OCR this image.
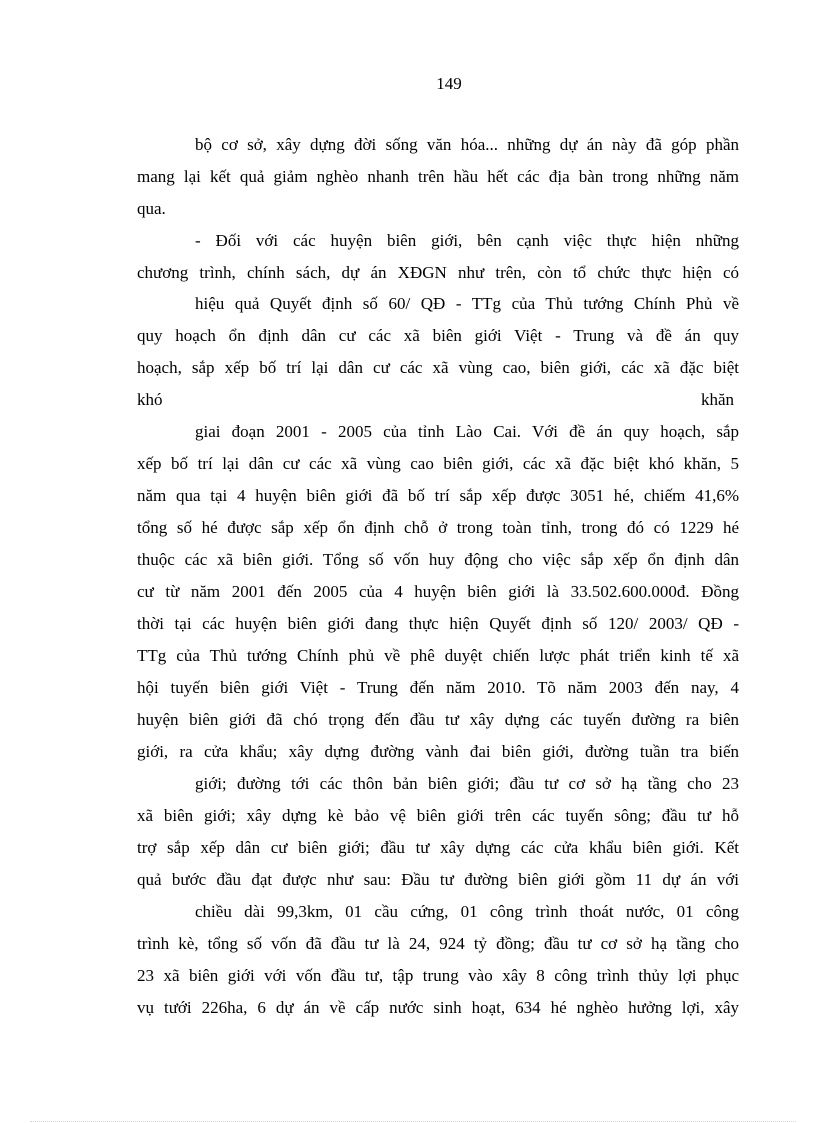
149
bộ cơ sở, xây dựng đời sống văn hóa... những dự án này đã góp phần
mang lại kết quả giảm nghèo nhanh trên hầu hết các địa bàn trong những năm
qua.
- Đối với các huyện biên giới, bên cạnh việc thực hiện những
chương trình, chính sách, dự án XĐGN như trên, còn tổ chức thực hiện có
hiệu quả Quyết định số 60/ QĐ - TTg của Thủ tướng Chính Phủ về
quy hoạch ổn định dân cư các xã biên giới Việt - Trung và đề án quy
hoạch, sắp xếp bố trí lại dân cư các xã vùng cao, biên giới, các xã đặc biệt
khó	khăn
giai đoạn 2001 - 2005 của tỉnh Lào Cai. Với đề án quy hoạch, sắp
xếp bố trí lại dân cư các xã vùng cao biên giới, các xã đặc biệt khó khăn, 5
năm qua tại 4 huyện biên giới đã bố trí sắp xếp được 3051 hé, chiếm 41,6%
tổng số hé được sắp xếp ổn định chỗ ở trong toàn tỉnh, trong đó có 1229 hé
thuộc các xã biên giới. Tổng số vốn huy động cho việc sắp xếp ổn định dân
cư từ năm 2001 đến 2005 của 4 huyện biên giới là 33.502.600.000đ. Đồng
thời tại các huyện biên giới đang thực hiện Quyết định số 120/ 2003/ QĐ -
TTg của Thủ tướng Chính phủ về phê duyệt chiến lược phát triển kinh tế xã
hội tuyến biên giới Việt - Trung đến năm 2010. Tõ năm 2003 đến nay, 4
huyện biên giới đã chó trọng đến đầu tư xây dựng các tuyến đường ra biên
giới, ra cửa khẩu; xây dựng đường vành đai biên giới, đường tuần tra biến
giới; đường tới các thôn bản biên giới; đầu tư cơ sở hạ tầng cho 23
xã biên giới; xây dựng kè bảo vệ biên giới trên các tuyến sông; đầu tư hỗ
trợ sắp xếp dân cư biên giới; đầu tư xây dựng các cửa khẩu biên giới. Kết
quả bước đầu đạt được như sau: Đầu tư đường biên giới gồm 11 dự án với
chiều dài 99,3km, 01 cầu cứng, 01 công trình thoát nước, 01 công
trình kè, tổng số vốn đã đầu tư là 24, 924 tỷ đồng; đầu tư cơ sở hạ tầng cho
23 xã biên giới với vốn đầu tư, tập trung vào xây 8 công trình thủy lợi phục
vụ tưới 226ha, 6 dự án về cấp nước sinh hoạt, 634 hé nghèo hưởng lợi, xây
